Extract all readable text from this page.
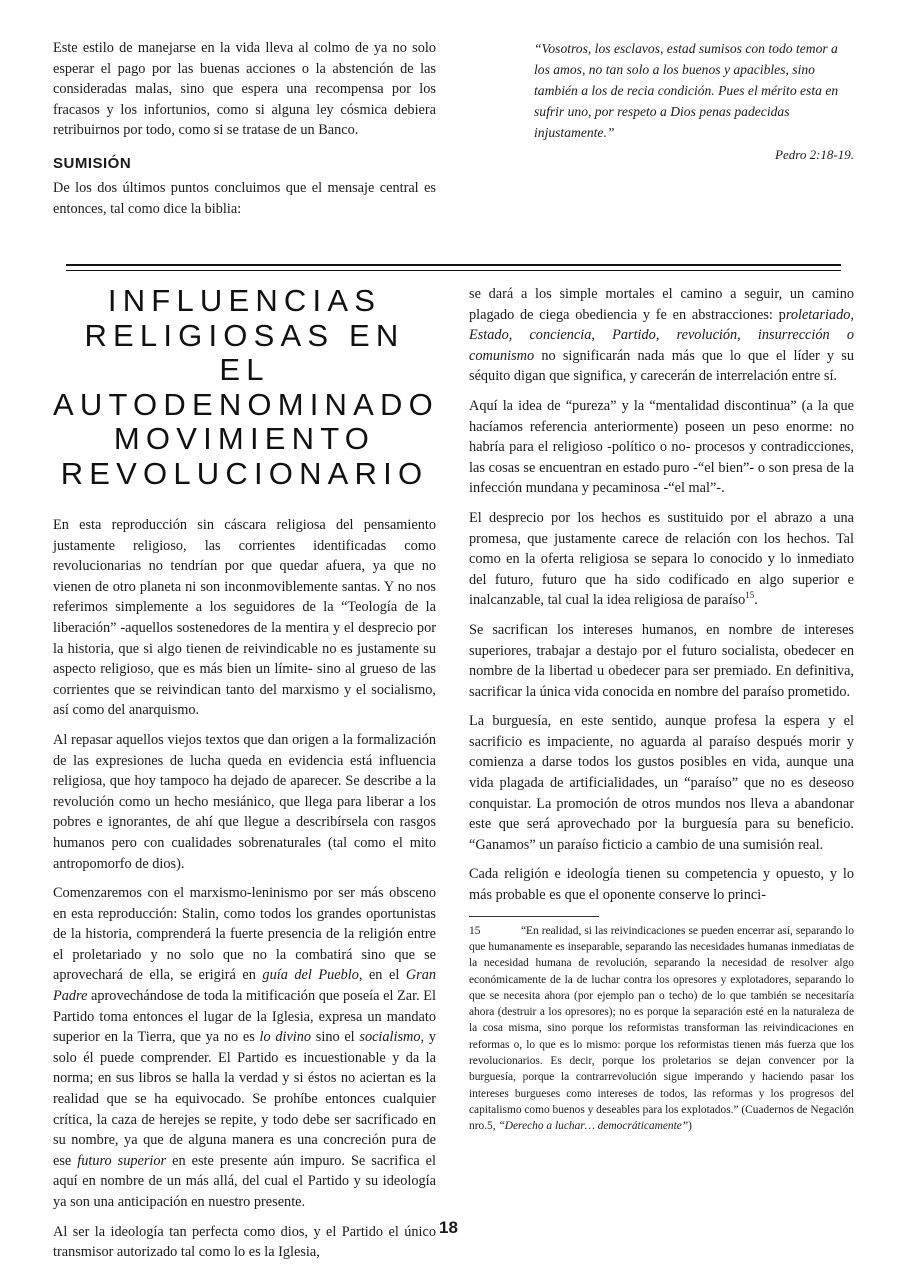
Este estilo de manejarse en la vida lleva al colmo de ya no solo esperar el pago por las buenas acciones o la abstención de las consideradas malas, sino que espera una recompensa por los fracasos y los infortunios, como si alguna ley cósmica debiera retribuirnos por todo, como si se tratase de un Banco.

SUMISIÓN

De los dos últimos puntos concluimos que el mensaje central es entonces, tal como dice la biblia:

“Vosotros, los esclavos, estad sumisos con todo temor a los amos, no tan solo a los buenos y apacibles, sino también a los de recia condición. Pues el mérito esta en sufrir uno, por respeto a Dios penas padecidas injustamente.”

Pedro 2:18-19.
INFLUENCIAS
RELIGIOSAS EN EL
AUTODENOMINADO
MOVIMIENTO
REVOLUCIONARIO

En esta reproducción sin cáscara religiosa del pensamiento justamente religioso, las corrientes identificadas como revolucionarias no tendrían por que quedar afuera, ya que no vienen de otro planeta ni son inconmoviblemente santas. Y no nos referimos simplemente a los seguidores de la “Teología de la liberación” -aquellos sostenedores de la mentira y el desprecio por la historia, que si algo tienen de reivindicable no es justamente su aspecto religioso, que es más bien un límite- sino al grueso de las corrientes que se reivindican tanto del marxismo y el socialismo, así como del anarquismo.

Al repasar aquellos viejos textos que dan origen a la formalización de las expresiones de lucha queda en evidencia está influencia religiosa, que hoy tampoco ha dejado de aparecer. Se describe a la revolución como un hecho mesiánico, que llega para liberar a los pobres e ignorantes, de ahí que llegue a describírsela con rasgos humanos pero con cualidades sobrenaturales (tal como el mito antropomorfo de dios).

Comenzaremos con el marxismo-leninismo por ser más obsceno en esta reproducción: Stalin, como todos los grandes oportunistas de la historia, comprenderá la fuerte presencia de la religión entre el proletariado y no solo que no la combatirá sino que se aprovechará de ella, se erigirá en guía del Pueblo, en el Gran Padre aprovechándose de toda la mitificación que poseía el Zar. El Partido toma entonces el lugar de la Iglesia, expresa un mandato superior en la Tierra, que ya no es lo divino sino el socialismo, y solo él puede comprender. El Partido es incuestionable y da la norma; en sus libros se halla la verdad y si éstos no aciertan es la realidad que se ha equivocado. Se prohíbe entonces cualquier crítica, la caza de herejes se repite, y todo debe ser sacrificado en su nombre, ya que de alguna manera es una concreción pura de ese futuro superior en este presente aún impuro. Se sacrifica el aquí en nombre de un más allá, del cual el Partido y su ideología ya son una anticipación en nuestro presente.

Al ser la ideología tan perfecta como dios, y el Partido el único transmisor autorizado tal como lo es la Iglesia,

se dará a los simple mortales el camino a seguir, un camino plagado de ciega obediencia y fe en abstracciones: proletariado, Estado, conciencia, Partido, revolución, insurrección o comunismo no significarán nada más que lo que el líder y su séquito digan que significa, y carecerán de interrelación entre sí.

Aquí la idea de “pureza” y la “mentalidad discontinua” (a la que hacíamos referencia anteriormente) poseen un peso enorme: no habría para el religioso -político o no- procesos y contradicciones, las cosas se encuentran en estado puro -“el bien”- o son presa de la infección mundana y pecaminosa -“el mal”-.

El desprecio por los hechos es sustituido por el abrazo a una promesa, que justamente carece de relación con los hechos. Tal como en la oferta religiosa se separa lo conocido y lo inmediato del futuro, futuro que ha sido codificado en algo superior e inalcanzable, tal cual la idea religiosa de paraíso$^{15}$.

Se sacrifican los intereses humanos, en nombre de intereses superiores, trabajar a destajo por el futuro socialista, obedecer en nombre de la libertad u obedecer para ser premiado. En definitiva, sacrificar la única vida conocida en nombre del paraíso prometido.

La burguesía, en este sentido, aunque profesa la espera y el sacrificio es impaciente, no aguarda al paraíso después morir y comienza a darse todos los gustos posibles en vida, aunque una vida plagada de artificialidades, un “paraíso” que no es deseoso conquistar. La promoción de otros mundos nos lleva a abandonar este que será aprovechado por la burguesía para su beneficio. “Ganamos” un paraíso ficticio a cambio de una sumisión real.

Cada religión e ideología tienen su competencia y opuesto, y lo más probable es que el oponente conserve lo princi-

15	“En realidad, si las reivindicaciones se pueden encerrar así, separando lo que humanamente es inseparable, separando las necesidades humanas inmediatas de la necesidad humana de revolución, separando la necesidad de resolver algo económicamente de la de luchar contra los opresores y explotadores, separando lo que se necesita ahora (por ejemplo pan o techo) de lo que también se necesitaría ahora (destruir a los opresores); no es porque la separación esté en la naturaleza de la cosa misma, sino porque los reformistas transforman las reivindicaciones en reformas o, lo que es lo mismo: porque los reformistas tienen más fuerza que los revolucionarios. Es decir, porque los proletarios se dejan convencer por la burguesía, porque la contrarrevolución sigue imperando y haciendo pasar los intereses burgueses como intereses de todos, las reformas y los progresos del capitalismo como buenos y deseables para los explotados.” (Cuadernos de Negación nro.5, “Derecho a luchar… democráticamente”)

18
